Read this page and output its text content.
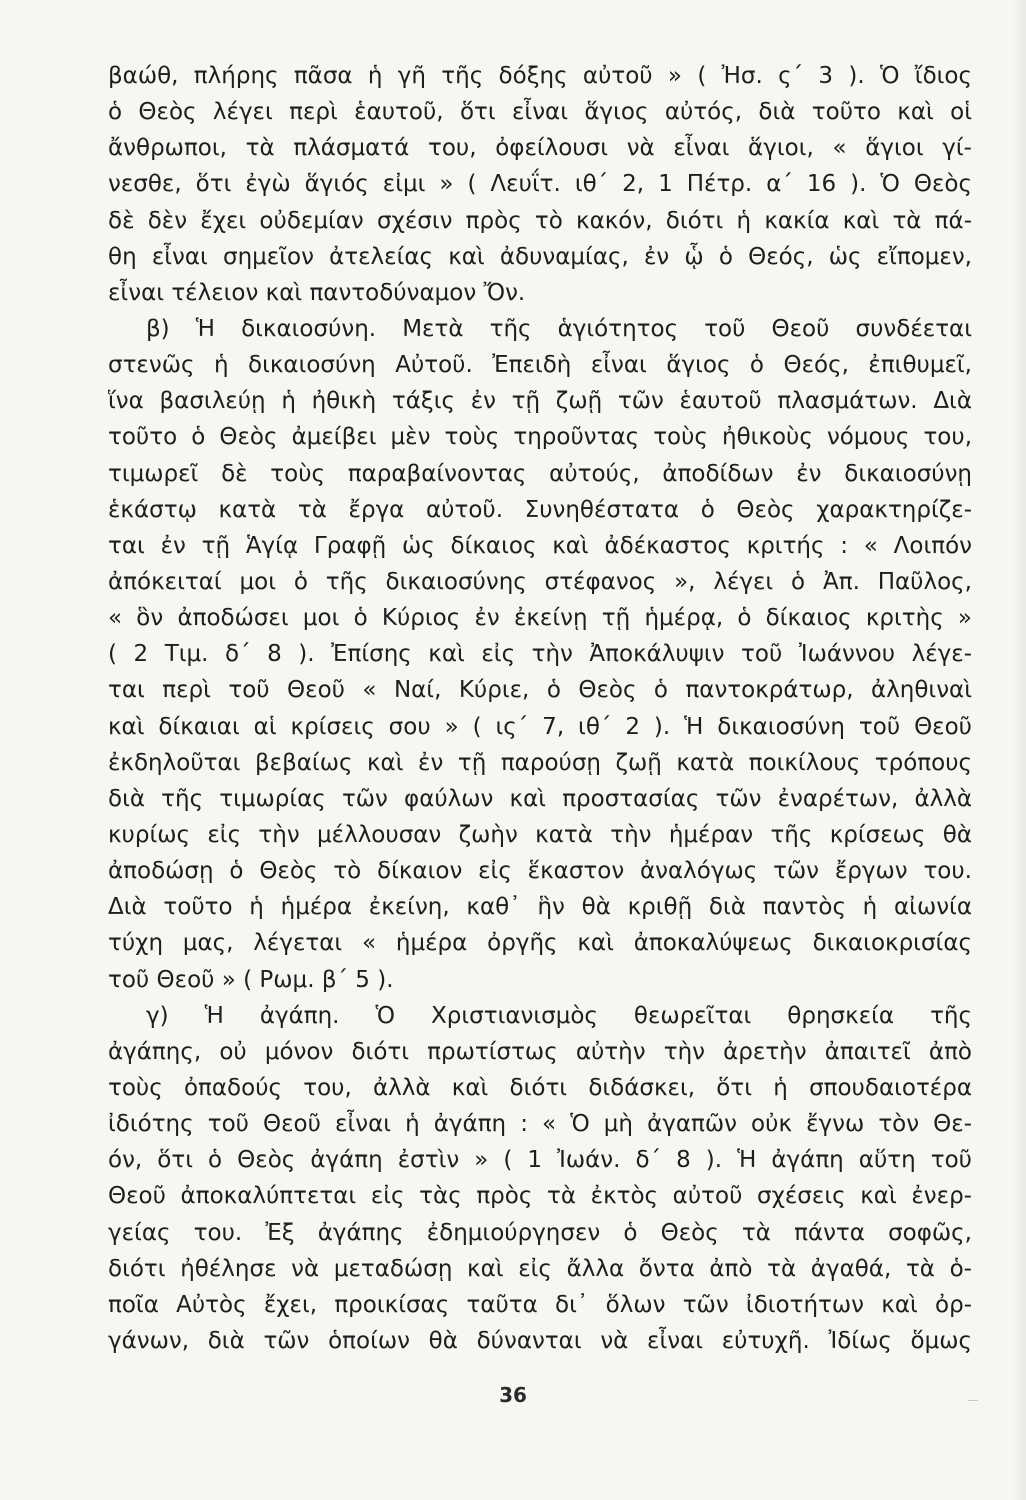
βαώθ, πλήρης πᾶσα ἡ γῆ τῆς δόξης αὐτοῦ » ( Ἠσ. ς΄ 3 ). Ὁ ἴδιος
ὁ Θεὸς λέγει περὶ ἑαυτοῦ, ὅτι εἶναι ἅγιος αὐτός, διὰ τοῦτο καὶ οἱ
ἄνθρωποι, τὰ πλάσματά του, ὀφείλουσι νὰ εἶναι ἅγιοι, « ἅγιοι γί-
νεσθε, ὅτι ἐγὼ ἅγιός εἰμι » ( Λευΐτ. ιθ΄ 2, 1 Πέτρ. α΄ 16 ). Ὁ Θεὸς
δὲ δὲν ἔχει οὐδεμίαν σχέσιν πρὸς τὸ κακόν, διότι ἡ κακία καὶ τὰ πά-
θη εἶναι σημεῖον ἀτελείας καὶ ἀδυναμίας, ἐν ᾧ ὁ Θεός, ὡς εἴπομεν,
εἶναι τέλειον καὶ παντοδύναμον Ὄν.
β) Ἡ δικαιοσύνη. Μετὰ τῆς ἁγιότητος τοῦ Θεοῦ συνδέεται
στενῶς ἡ δικαιοσύνη Αὐτοῦ. Ἐπειδὴ εἶναι ἅγιος ὁ Θεός, ἐπιθυμεῖ,
ἵνα βασιλεύῃ ἡ ἠθικὴ τάξις ἐν τῇ ζωῇ τῶν ἑαυτοῦ πλασμάτων. Διὰ
τοῦτο ὁ Θεὸς ἀμείβει μὲν τοὺς τηροῦντας τοὺς ἠθικοὺς νόμους του,
τιμωρεῖ δὲ τοὺς παραβαίνοντας αὐτούς, ἀποδίδων ἐν δικαιοσύνῃ
ἑκάστῳ κατὰ τὰ ἔργα αὐτοῦ. Συνηθέστατα ὁ Θεὸς χαρακτηρίζε-
ται ἐν τῇ Ἁγίᾳ Γραφῇ ὡς δίκαιος καὶ ἀδέκαστος κριτής : « Λοιπόν
ἀπόκειταί μοι ὁ τῆς δικαιοσύνης στέφανος », λέγει ὁ Ἀπ. Παῦλος,
« ὃν ἀποδώσει μοι ὁ Κύριος ἐν ἐκείνῃ τῇ ἡμέρᾳ, ὁ δίκαιος κριτὴς »
( 2 Τιμ. δ΄ 8 ). Ἐπίσης καὶ εἰς τὴν Ἀποκάλυψιν τοῦ Ἰωάννου λέγε-
ται περὶ τοῦ Θεοῦ « Ναί, Κύριε, ὁ Θεὸς ὁ παντοκράτωρ, ἀληθιναὶ
καὶ δίκαιαι αἱ κρίσεις σου » ( ις΄ 7, ιθ΄ 2 ). Ἡ δικαιοσύνη τοῦ Θεοῦ
ἐκδηλοῦται βεβαίως καὶ ἐν τῇ παρούσῃ ζωῇ κατὰ ποικίλους τρόπους
διὰ τῆς τιμωρίας τῶν φαύλων καὶ προστασίας τῶν ἐναρέτων, ἀλλὰ
κυρίως εἰς τὴν μέλλουσαν ζωὴν κατὰ τὴν ἡμέραν τῆς κρίσεως θὰ
ἀποδώσῃ ὁ Θεὸς τὸ δίκαιον εἰς ἕκαστον ἀναλόγως τῶν ἔργων του.
Διὰ τοῦτο ἡ ἡμέρα ἐκείνη, καθ᾿ ἣν θὰ κριθῇ διὰ παντὸς ἡ αἰωνία
τύχη μας, λέγεται « ἡμέρα ὀργῆς καὶ ἀποκαλύψεως δικαιοκρισίας
τοῦ Θεοῦ » ( Ρωμ. β΄ 5 ).
γ) Ἡ ἀγάπη. Ὁ Χριστιανισμὸς θεωρεῖται θρησκεία τῆς
ἀγάπης, οὐ μόνον διότι πρωτίστως αὐτὴν τὴν ἀρετὴν ἀπαιτεῖ ἀπὸ
τοὺς ὀπαδούς του, ἀλλὰ καὶ διότι διδάσκει, ὅτι ἡ σπουδαιοτέρα
ἰδιότης τοῦ Θεοῦ εἶναι ἡ ἀγάπη : « Ὁ μὴ ἀγαπῶν οὐκ ἔγνω τὸν Θε-
όν, ὅτι ὁ Θεὸς ἀγάπη ἐστὶν » ( 1 Ἰωάν. δ΄ 8 ). Ἡ ἀγάπη αὕτη τοῦ
Θεοῦ ἀποκαλύπτεται εἰς τὰς πρὸς τὰ ἐκτὸς αὐτοῦ σχέσεις καὶ ἐνερ-
γείας του. Ἐξ ἀγάπης ἐδημιούργησεν ὁ Θεὸς τὰ πάντα σοφῶς,
διότι ἠθέλησε νὰ μεταδώσῃ καὶ εἰς ἄλλα ὄντα ἀπὸ τὰ ἀγαθά, τὰ ὁ-
ποῖα Αὐτὸς ἔχει, προικίσας ταῦτα δι᾿ ὅλων τῶν ἰδιοτήτων καὶ ὀρ-
γάνων, διὰ τῶν ὁποίων θὰ δύνανται νὰ εἶναι εὐτυχῆ. Ἰδίως ὅμως
36
